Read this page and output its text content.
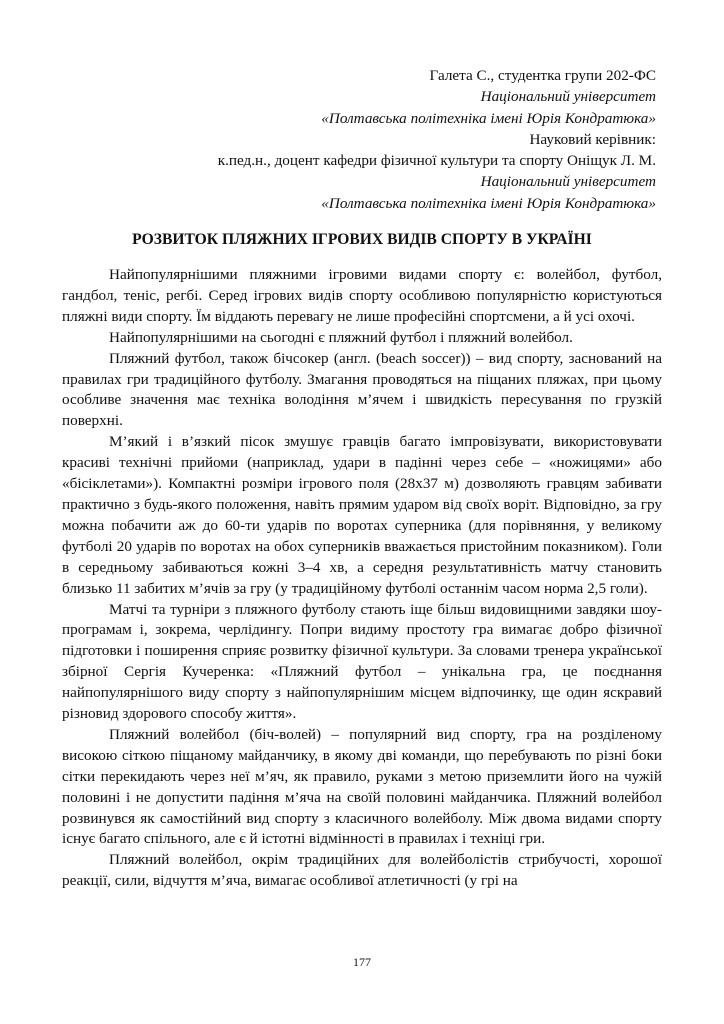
Галета С., студентка групи 202-ФС
Національний університет
«Полтавська політехніка імені Юрія Кондратюка»
Науковий керівник:
к.пед.н., доцент кафедри фізичної культури та спорту Оніщук Л. М.
Національний університет
«Полтавська політехніка імені Юрія Кондратюка»
РОЗВИТОК ПЛЯЖНИХ ІГРОВИХ ВИДІВ СПОРТУ В УКРАЇНІ

Найпопулярнішими пляжними ігровими видами спорту є: волейбол, футбол, гандбол, теніс, регбі. Серед ігрових видів спорту особливою популярністю користуються пляжні види спорту. Їм віддають перевагу не лише професійні спортсмени, а й усі охочі.

Найпопулярнішими на сьогодні є пляжний футбол і пляжний волейбол.

Пляжний футбол, також бічсокер (англ. (beach soccer)) – вид спорту, заснований на правилах гри традиційного футболу. Змагання проводяться на піщаних пляжах, при цьому особливе значення має техніка володіння м’ячем і швидкість пересування по грузкій поверхні.

М’який і в’язкий пісок змушує гравців багато імпровізувати, використовувати красиві технічні прийоми (наприклад, удари в падінні через себе – «ножицями» або «бісіклетами»). Компактні розміри ігрового поля (28х37 м) дозволяють гравцям забивати практично з будь-якого положення, навіть прямим ударом від своїх воріт. Відповідно, за гру можна побачити аж до 60-ти ударів по воротах суперника (для порівняння, у великому футболі 20 ударів по воротах на обох суперників вважається пристойним показником). Голи в середньому забиваються кожні 3–4 хв, а середня результативність матчу становить близько 11 забитих м’ячів за гру (у традиційному футболі останнім часом норма 2,5 голи).

Матчі та турніри з пляжного футболу стають іще більш видовищними завдяки шоу-програмам і, зокрема, черлідингу. Попри видиму простоту гра вимагає добро фізичної підготовки і поширення сприяє розвитку фізичної культури. За словами тренера української збірної Сергія Кучеренка: «Пляжний футбол – унікальна гра, це поєднання найпопулярнішого виду спорту з найпопулярнішим місцем відпочинку, ще один яскравий різновид здорового способу життя».

Пляжний волейбол (біч-волей) – популярний вид спорту, гра на розділеному високою сіткою піщаному майданчику, в якому дві команди, що перебувають по різні боки сітки перекидають через неї м’яч, як правило, руками з метою приземлити його на чужій половині і не допустити падіння м’яча на своїй половині майданчика. Пляжний волейбол розвинувся як самостійний вид спорту з класичного волейболу. Між двома видами спорту існує багато спільного, але є й істотні відмінності в правилах і техніці гри.

Пляжний волейбол, окрім традиційних для волейболістів стрибучості, хорошої реакції, сили, відчуття м’яча, вимагає особливої атлетичності (у грі на

177
